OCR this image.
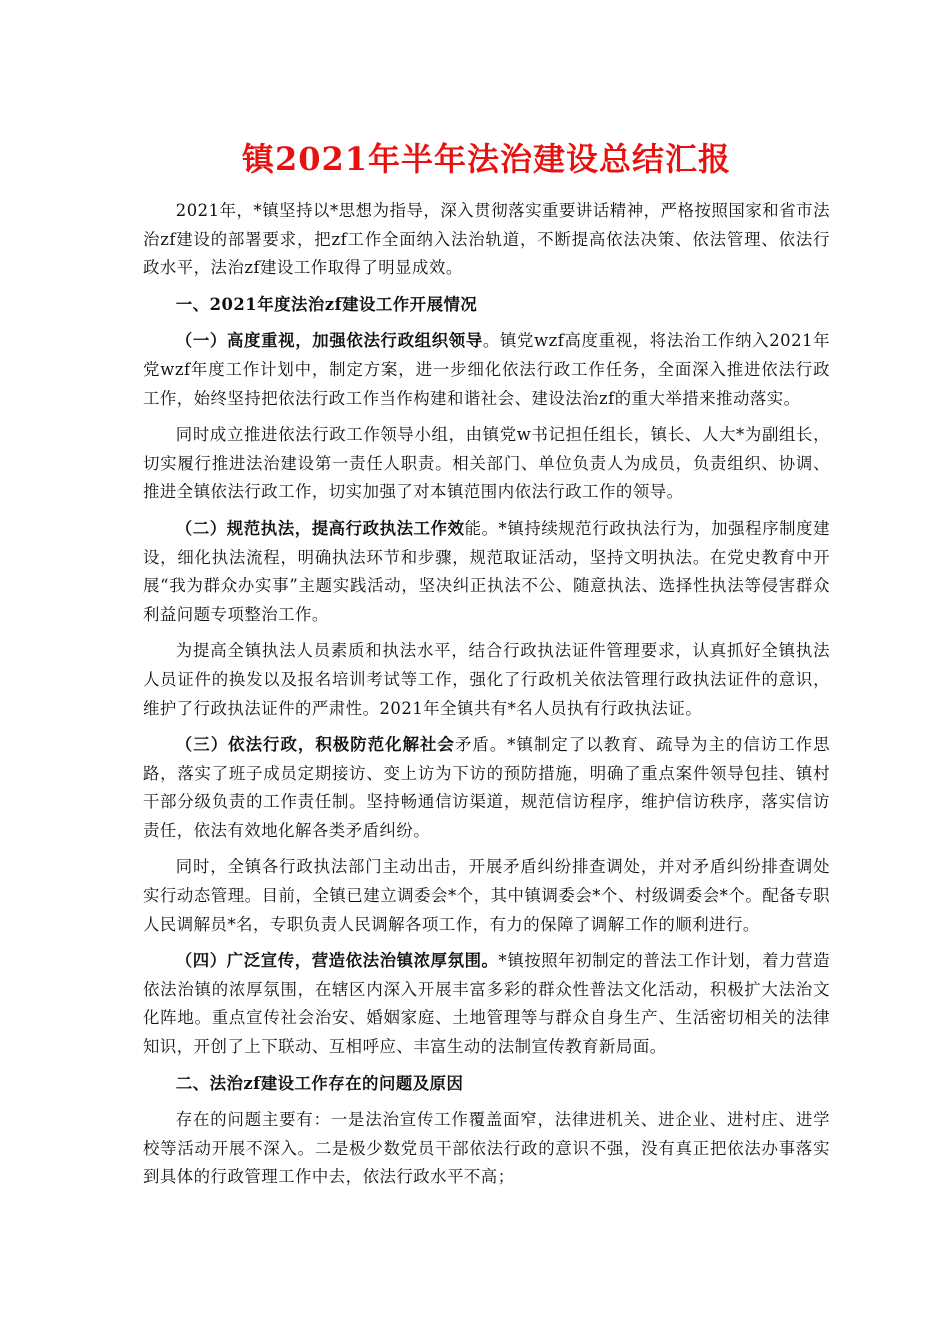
镇2021年半年法治建设总结汇报

2021年，*镇坚持以*思想为指导，深入贯彻落实重要讲话精神，严格按照国家和省市法治zf建设的部署要求，把zf工作全面纳入法治轨道，不断提高依法决策、依法管理、依法行政水平，法治zf建设工作取得了明显成效。

一、2021年度法治zf建设工作开展情况

（一）高度重视，加强依法行政组织领导。镇党wzf高度重视，将法治工作纳入2021年党wzf年度工作计划中，制定方案，进一步细化依法行政工作任务，全面深入推进依法行政工作，始终坚持把依法行政工作当作构建和谐社会、建设法治zf的重大举措来推动落实。

同时成立推进依法行政工作领导小组，由镇党w书记担任组长，镇长、人大*为副组长，切实履行推进法治建设第一责任人职责。相关部门、单位负责人为成员，负责组织、协调、推进全镇依法行政工作，切实加强了对本镇范围内依法行政工作的领导。

（二）规范执法，提高行政执法工作效能。*镇持续规范行政执法行为，加强程序制度建设，细化执法流程，明确执法环节和步骤，规范取证活动，坚持文明执法。在党史教育中开展“我为群众办实事”主题实践活动，坚决纠正执法不公、随意执法、选择性执法等侵害群众利益问题专项整治工作。

为提高全镇执法人员素质和执法水平，结合行政执法证件管理要求，认真抓好全镇执法人员证件的换发以及报名培训考试等工作，强化了行政机关依法管理行政执法证件的意识，维护了行政执法证件的严肃性。2021年全镇共有*名人员执有行政执法证。

（三）依法行政，积极防范化解社会矛盾。*镇制定了以教育、疏导为主的信访工作思路，落实了班子成员定期接访、变上访为下访的预防措施，明确了重点案件领导包挂、镇村干部分级负责的工作责任制。坚持畅通信访渠道，规范信访程序，维护信访秩序，落实信访责任，依法有效地化解各类矛盾纠纷。

同时，全镇各行政执法部门主动出击，开展矛盾纠纷排查调处，并对矛盾纠纷排查调处实行动态管理。目前，全镇已建立调委会*个，其中镇调委会*个、村级调委会*个。配备专职人民调解员*名，专职负责人民调解各项工作，有力的保障了调解工作的顺利进行。

（四）广泛宣传，营造依法治镇浓厚氛围。*镇按照年初制定的普法工作计划，着力营造依法治镇的浓厚氛围，在辖区内深入开展丰富多彩的群众性普法文化活动，积极扩大法治文化阵地。重点宣传社会治安、婚姻家庭、土地管理等与群众自身生产、生活密切相关的法律知识，开创了上下联动、互相呼应、丰富生动的法制宣传教育新局面。

二、法治zf建设工作存在的问题及原因

存在的问题主要有：一是法治宣传工作覆盖面窄，法律进机关、进企业、进村庄、进学校等活动开展不深入。二是极少数党员干部依法行政的意识不强，没有真正把依法办事落实到具体的行政管理工作中去，依法行政水平不高；
